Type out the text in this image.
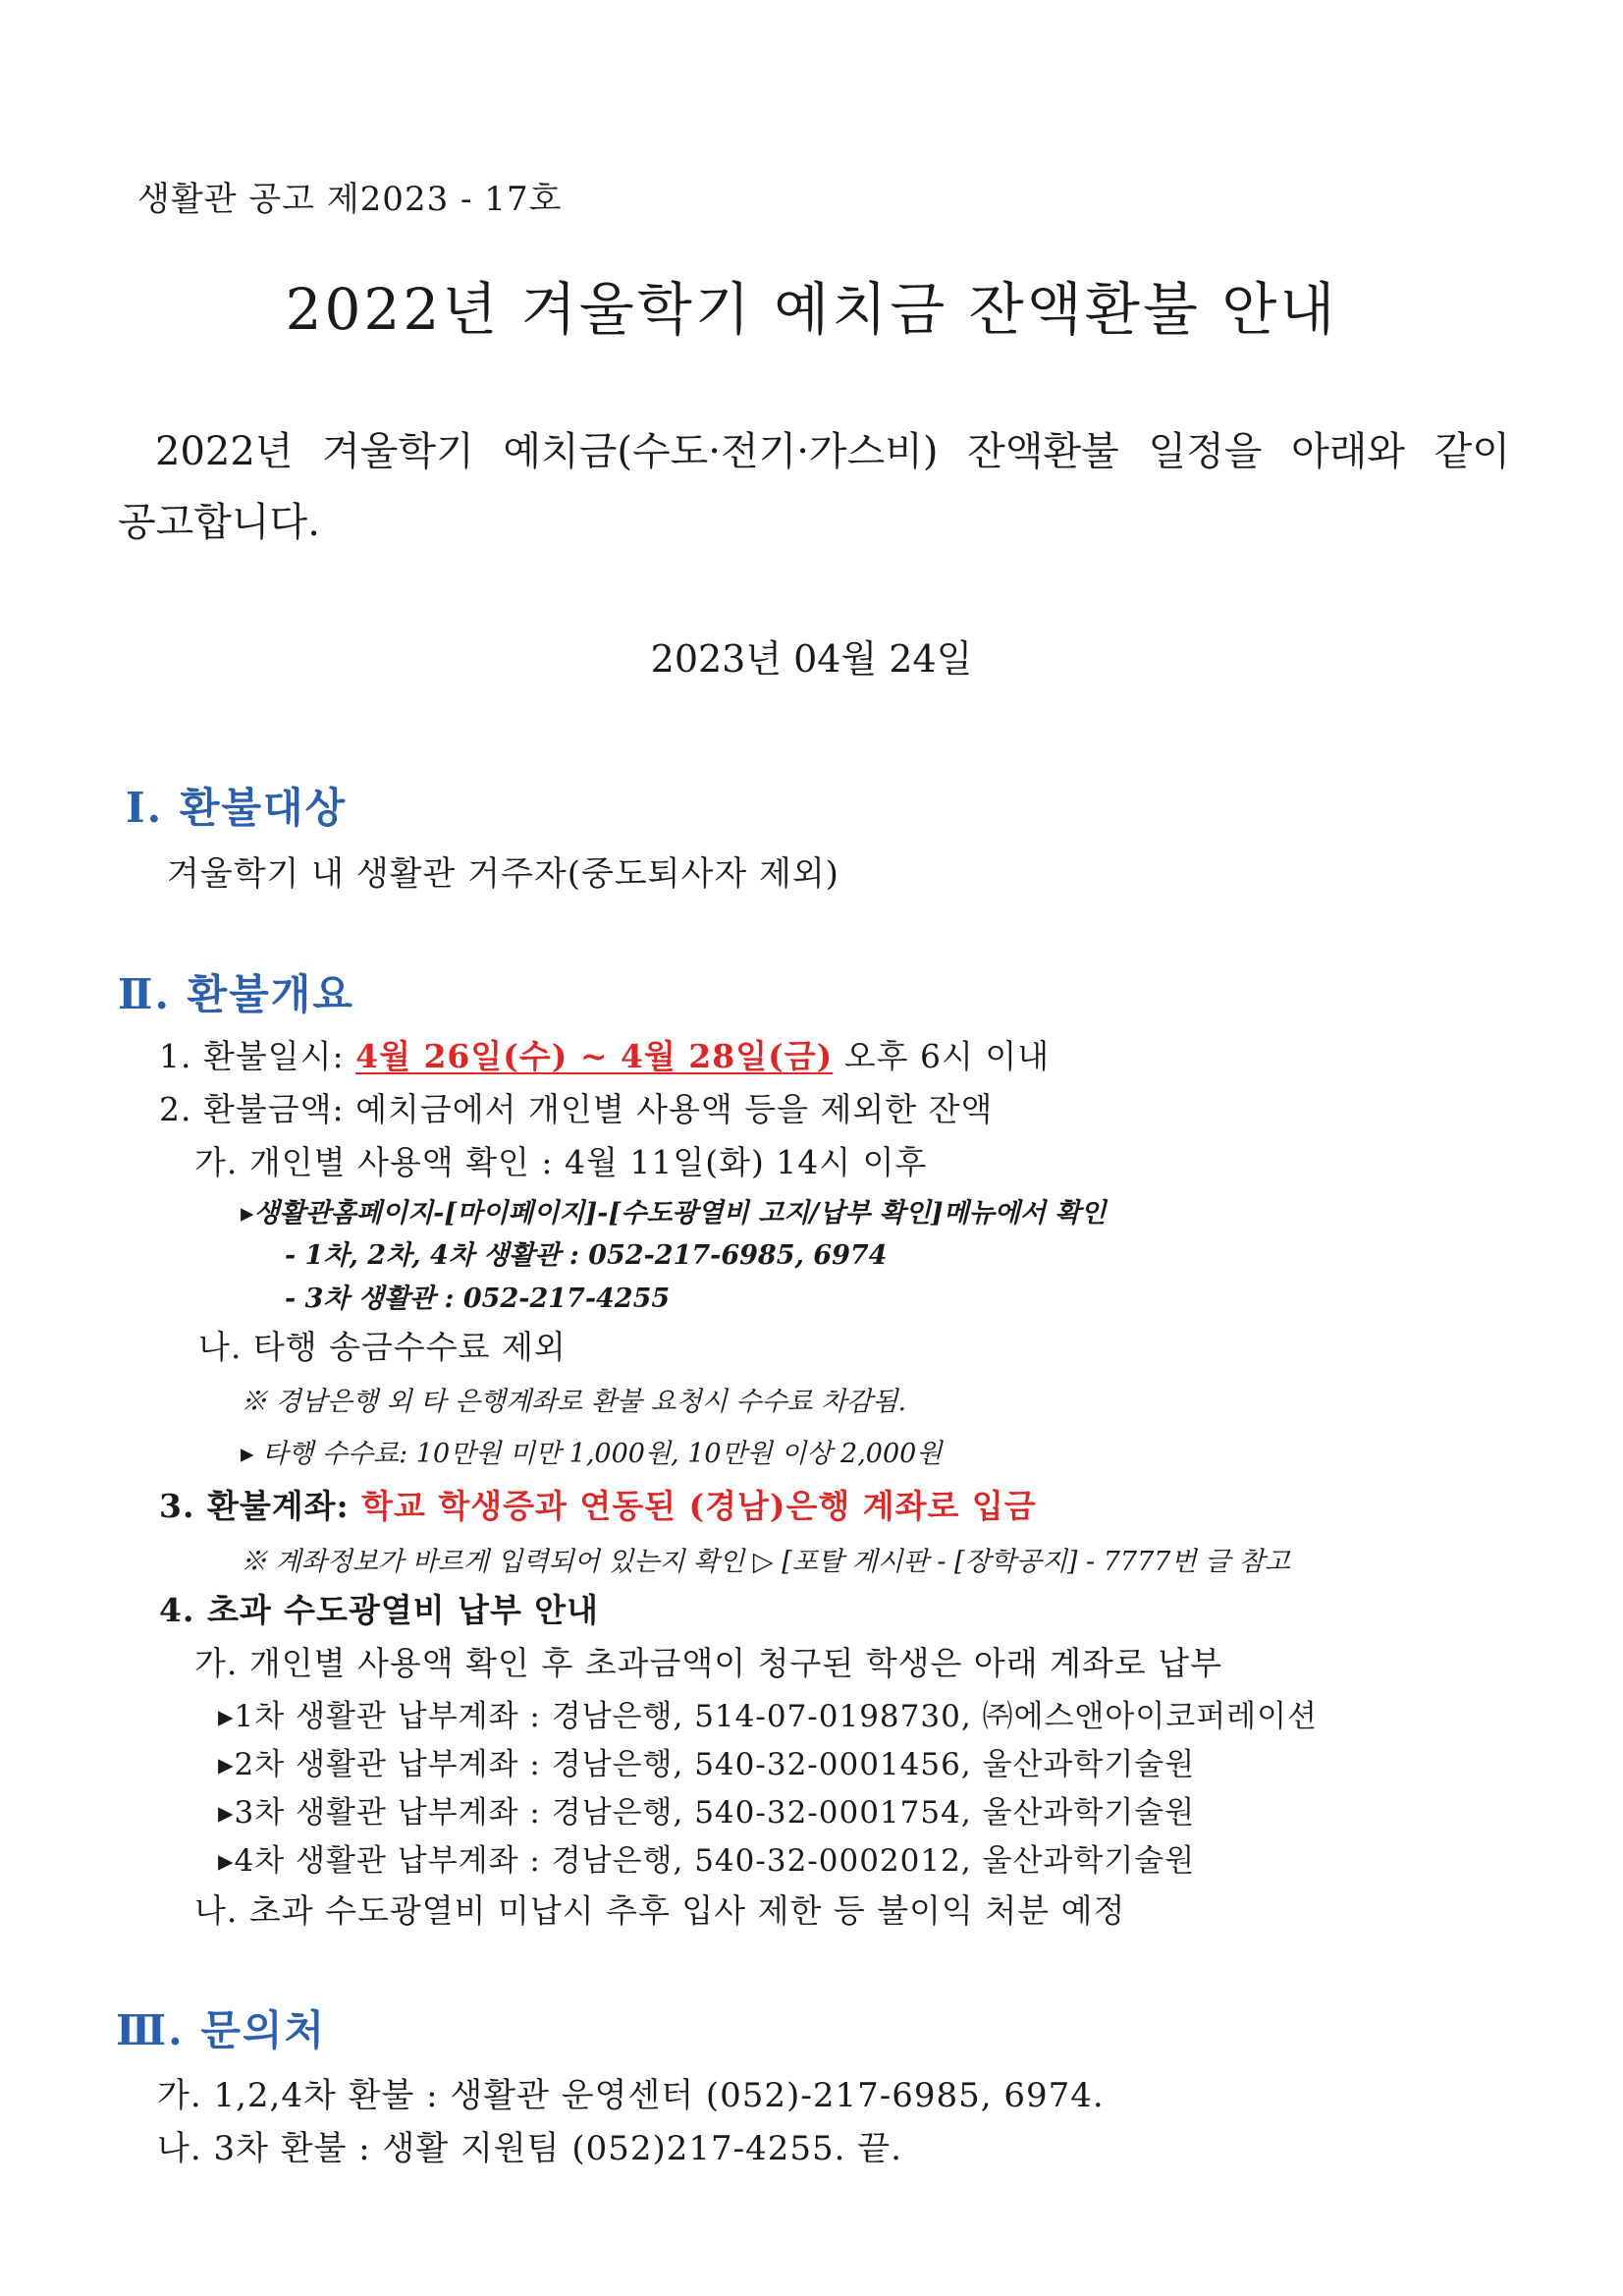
생활관 공고 제2023 - 17호
2022년 겨울학기 예치금 잔액환불 안내
2022년 겨울학기 예치금(수도·전기·가스비) 잔액환불 일정을 아래와 같이
공고합니다.
2023년 04월 24일
Ⅰ. 환불대상
겨울학기 내 생활관 거주자(중도퇴사자 제외)
Ⅱ. 환불개요
1. 환불일시: 4월 26일(수) ~ 4월 28일(금) 오후 6시 이내
2. 환불금액: 예치금에서 개인별 사용액 등을 제외한 잔액
가. 개인별 사용액 확인 : 4월 11일(화) 14시 이후
▸생활관홈페이지-[마이페이지]-[수도광열비 고지/납부 확인]메뉴에서 확인
- 1차, 2차, 4차 생활관 : 052-217-6985, 6974
- 3차 생활관 : 052-217-4255
나. 타행 송금수수료 제외
※ 경남은행 외 타 은행계좌로 환불 요청시 수수료 차감됨.
▸ 타행 수수료: 10만원 미만 1,000원, 10만원 이상 2,000원
3. 환불계좌: 학교 학생증과 연동된 (경남)은행 계좌로 입금
※ 계좌정보가 바르게 입력되어 있는지 확인 ▷ [포탈 게시판 - [장학공지] - 7777번 글 참고
4. 초과 수도광열비 납부 안내
가. 개인별 사용액 확인 후 초과금액이 청구된 학생은 아래 계좌로 납부
▸1차 생활관 납부계좌 : 경남은행, 514-07-0198730, ㈜에스앤아이코퍼레이션
▸2차 생활관 납부계좌 : 경남은행, 540-32-0001456, 울산과학기술원
▸3차 생활관 납부계좌 : 경남은행, 540-32-0001754, 울산과학기술원
▸4차 생활관 납부계좌 : 경남은행, 540-32-0002012, 울산과학기술원
나. 초과 수도광열비 미납시 추후 입사 제한 등 불이익 처분 예정
Ⅲ. 문의처
가. 1,2,4차 환불 : 생활관 운영센터 (052)-217-6985, 6974.
나. 3차 환불 : 생활 지원팀 (052)217-4255. 끝.
